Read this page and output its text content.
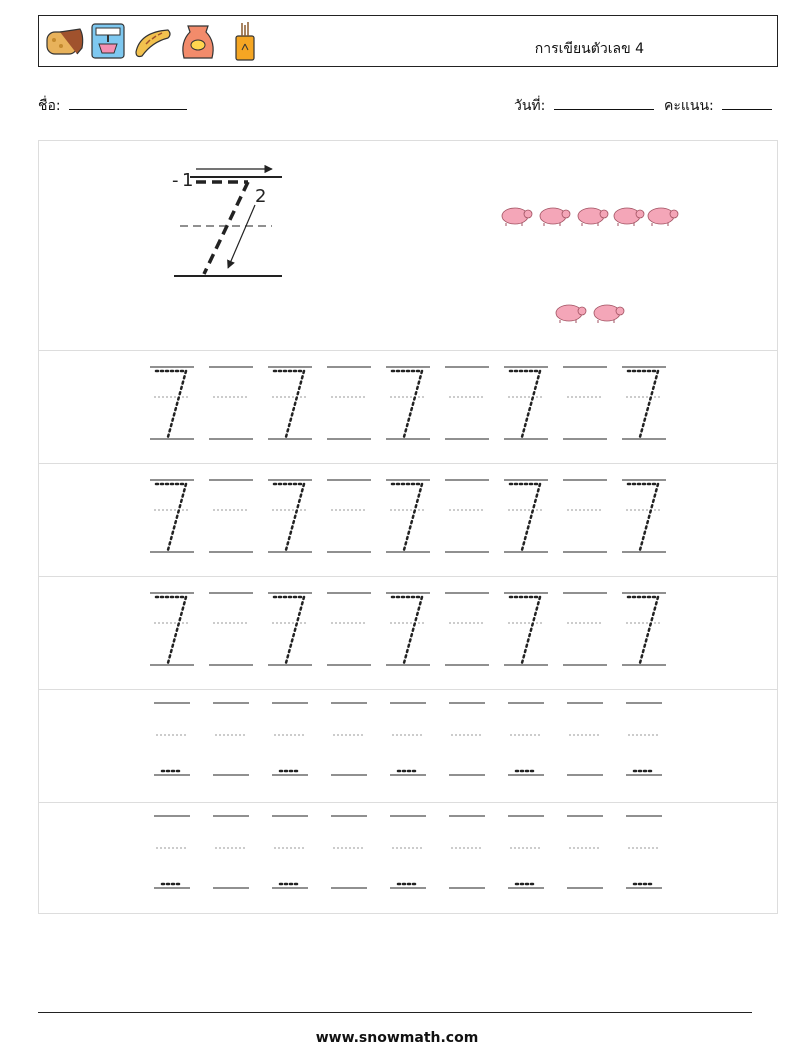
การเขียนตัวเลข 4
ชื่อ:	วันที่:	คะแนน:
- 1
2
www.snowmath.com
